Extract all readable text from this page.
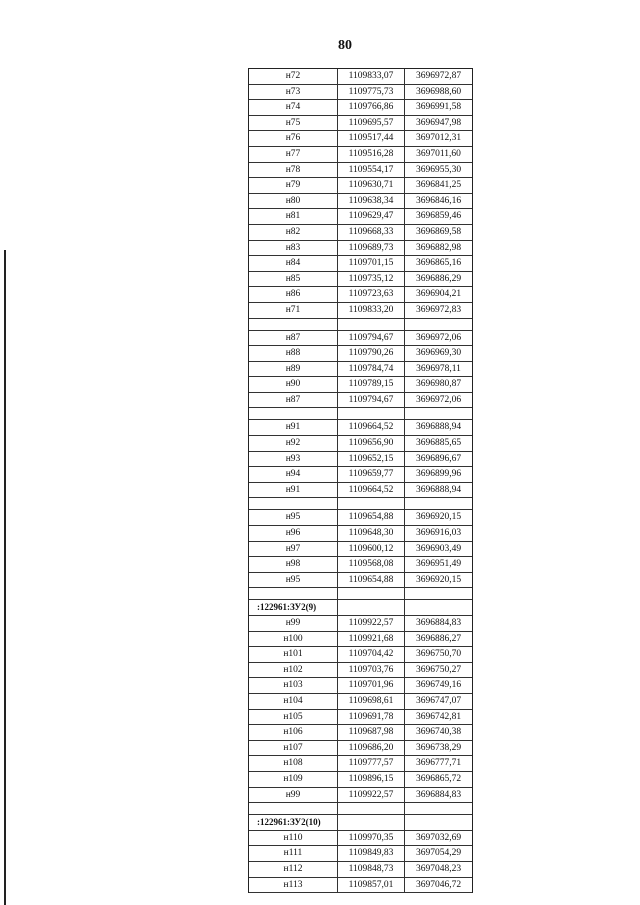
80
н72	1109833,07	3696972,87
н73	1109775,73	3696988,60
н74	1109766,86	3696991,58
н75	1109695,57	3696947,98
н76	1109517,44	3697012,31
н77	1109516,28	3697011,60
н78	1109554,17	3696955,30
н79	1109630,71	3696841,25
н80	1109638,34	3696846,16
н81	1109629,47	3696859,46
н82	1109668,33	3696869,58
н83	1109689,73	3696882,98
н84	1109701,15	3696865,16
н85	1109735,12	3696886,29
н86	1109723,63	3696904,21
н71	1109833,20	3696972,83
н87	1109794,67	3696972,06
н88	1109790,26	3696969,30
н89	1109784,74	3696978,11
н90	1109789,15	3696980,87
н87	1109794,67	3696972,06
н91	1109664,52	3696888,94
н92	1109656,90	3696885,65
н93	1109652,15	3696896,67
н94	1109659,77	3696899,96
н91	1109664,52	3696888,94
н95	1109654,88	3696920,15
н96	1109648,30	3696916,03
н97	1109600,12	3696903,49
н98	1109568,08	3696951,49
н95	1109654,88	3696920,15
:122961:ЗУ2(9)
н99	1109922,57	3696884,83
н100	1109921,68	3696886,27
н101	1109704,42	3696750,70
н102	1109703,76	3696750,27
н103	1109701,96	3696749,16
н104	1109698,61	3696747,07
н105	1109691,78	3696742,81
н106	1109687,98	3696740,38
н107	1109686,20	3696738,29
н108	1109777,57	3696777,71
н109	1109896,15	3696865,72
н99	1109922,57	3696884,83
:122961:ЗУ2(10)
н110	1109970,35	3697032,69
н111	1109849,83	3697054,29
н112	1109848,73	3697048,23
н113	1109857,01	3697046,72
